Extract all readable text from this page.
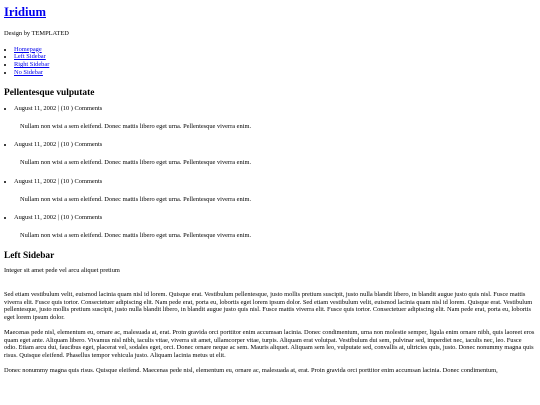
Iridium

Design by TEMPLATED

• Homepage
• Left Sidebar
• Right Sidebar
• No Sidebar
Pellentesque vulputate
• August 11, 2002 | (10 ) Comments

Nullam non wisi a sem eleifend. Donec mattis libero eget urna. Pellentesque viverra enim.

• August 11, 2002 | (10 ) Comments

Nullam non wisi a sem eleifend. Donec mattis libero eget urna. Pellentesque viverra enim.

• August 11, 2002 | (10 ) Comments

Nullam non wisi a sem eleifend. Donec mattis libero eget urna. Pellentesque viverra enim.

• August 11, 2002 | (10 ) Comments

Nullam non wisi a sem eleifend. Donec mattis libero eget urna. Pellentesque viverra enim.

Left Sidebar

Integer sit amet pede vel arcu aliquet pretium

Sed etiam vestibulum velit, euismod lacinia quam nisl id lorem. Quisque erat. Vestibulum pellentesque, justo mollis pretium suscipit, justo nulla blandit libero, in blandit augue justo quis nisl. Fusce mattis viverra elit. Fusce quis tortor. Consectetuer adipiscing elit. Nam pede erat, porta eu, lobortis eget lorem ipsum dolor. Sed etiam vestibulum velit, euismod lacinia quam nisl id lorem. Quisque erat. Vestibulum pellentesque, justo mollis pretium suscipit, justo nulla blandit libero, in blandit augue justo quis nisl. Fusce mattis viverra elit. Fusce quis tortor. Consectetuer adipiscing elit. Nam pede erat, porta eu, lobortis eget lorem ipsum dolor.

Maecenas pede nisl, elementum eu, ornare ac, malesuada at, erat. Proin gravida orci porttitor enim accumsan lacinia. Donec condimentum, urna non molestie semper, ligula enim ornare nibh, quis laoreet eros quam eget ante. Aliquam libero. Vivamus nisl nibh, iaculis vitae, viverra sit amet, ullamcorper vitae, turpis. Aliquam erat volutpat. Vestibulum dui sem, pulvinar sed, imperdiet nec, iaculis nec, leo. Fusce odio. Etiam arcu dui, faucibus eget, placerat vel, sodales eget, orci. Donec ornare neque ac sem. Mauris aliquet. Aliquam sem leo, vulputate sed, convallis at, ultricies quis, justo. Donec nonummy magna quis risus. Quisque eleifend. Phasellus tempor vehicula justo. Aliquam lacinia metus ut elit.

Donec nonummy magna quis risus. Quisque eleifend. Maecenas pede nisl, elementum eu, ornare ac, malesuada at, erat. Proin gravida orci porttitor enim accumsan lacinia. Donec condimentum,
